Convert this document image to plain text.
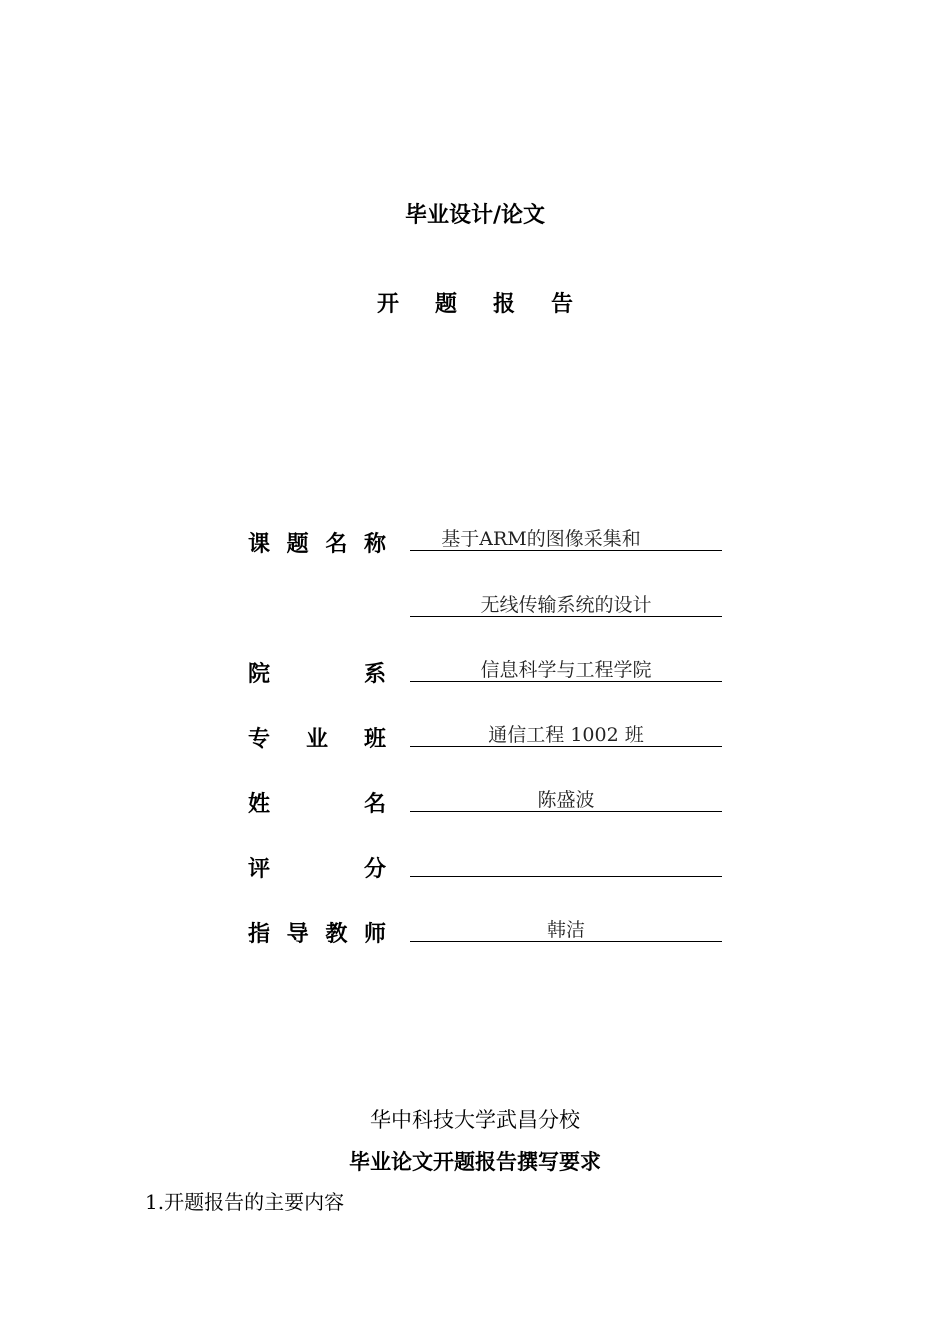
毕业设计/论文
开题报告
课 题 名 称	基于ARM的图像采集和
无线传输系统的设计
院	系	信息科学与工程学院
专 业 班	通信工程 1002 班
姓	名	陈盛波
评	分
指 导 教 师	韩洁
华中科技大学武昌分校
毕业论文开题报告撰写要求
1.开题报告的主要内容
